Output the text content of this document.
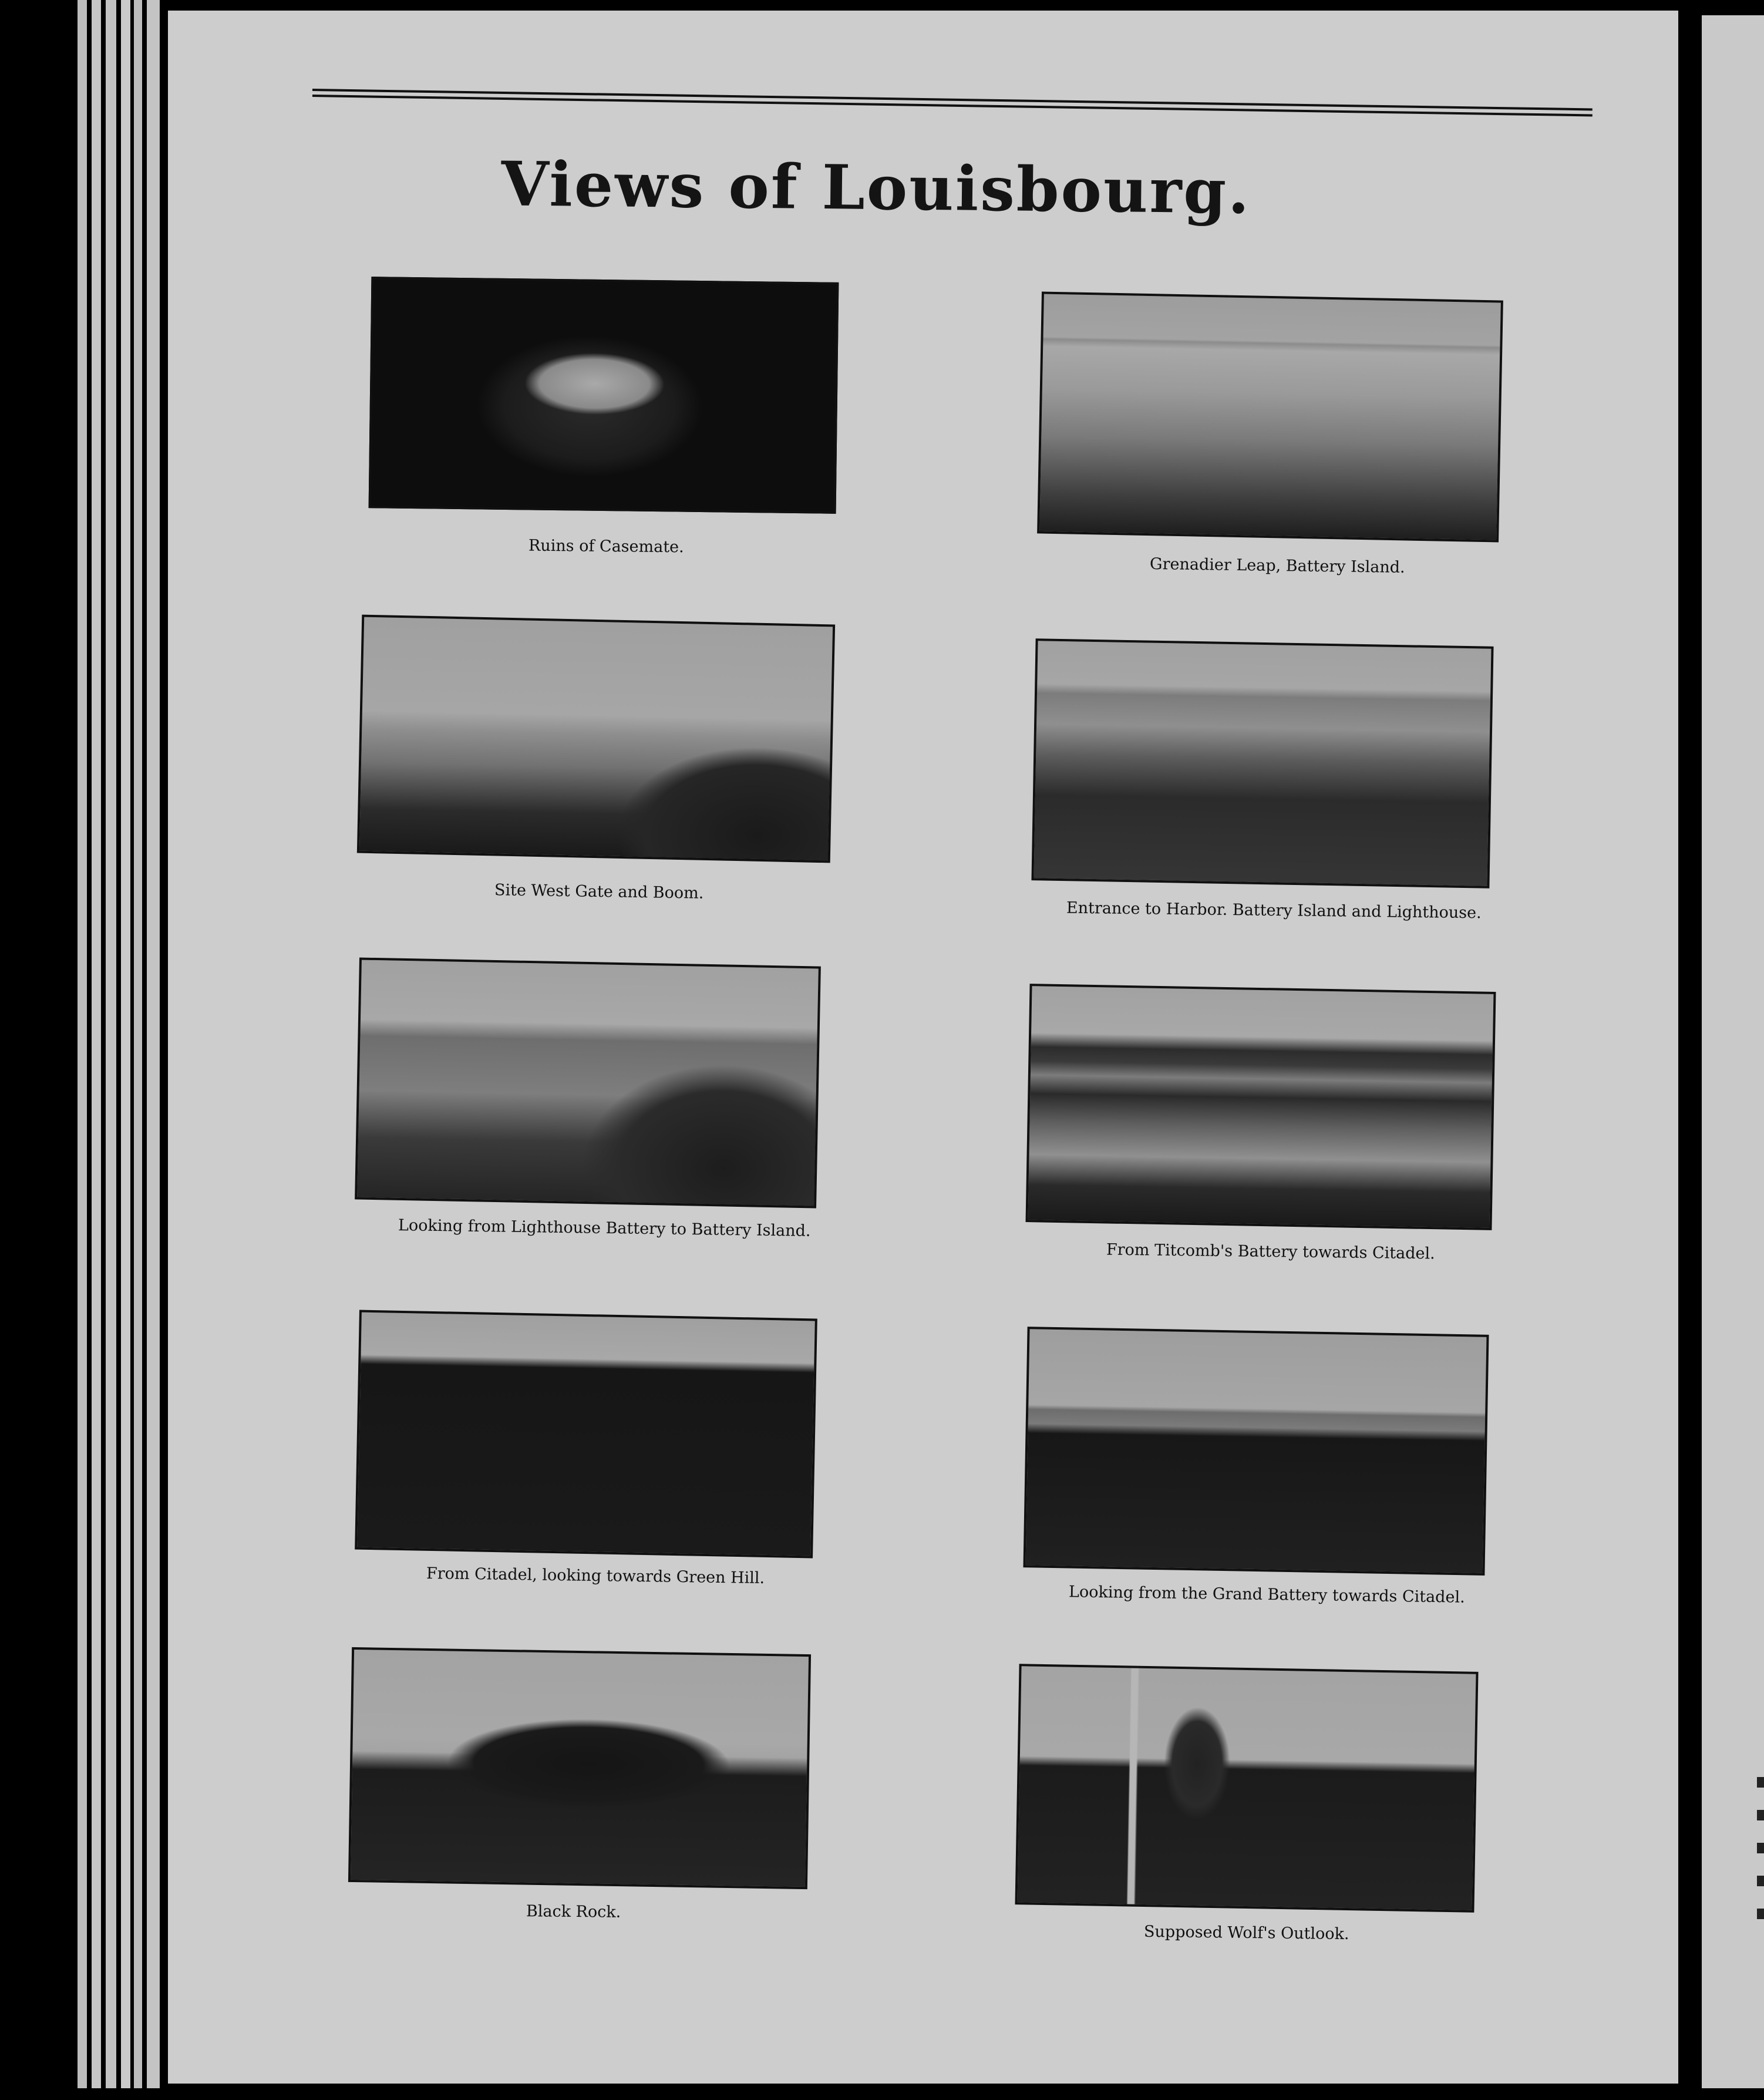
Views of Louisbourg.

Ruins of Casemate.

Site West Gate and Boom.

Looking from Lighthouse Battery to Battery Island.

From Citadel, looking towards Green Hill.

Black Rock.

Grenadier Leap, Battery Island.

Entrance to Harbor. Battery Island and Lighthouse.

From Titcomb's Battery towards Citadel.

Looking from the Grand Battery towards Citadel.

Supposed Wolf's Outlook.
